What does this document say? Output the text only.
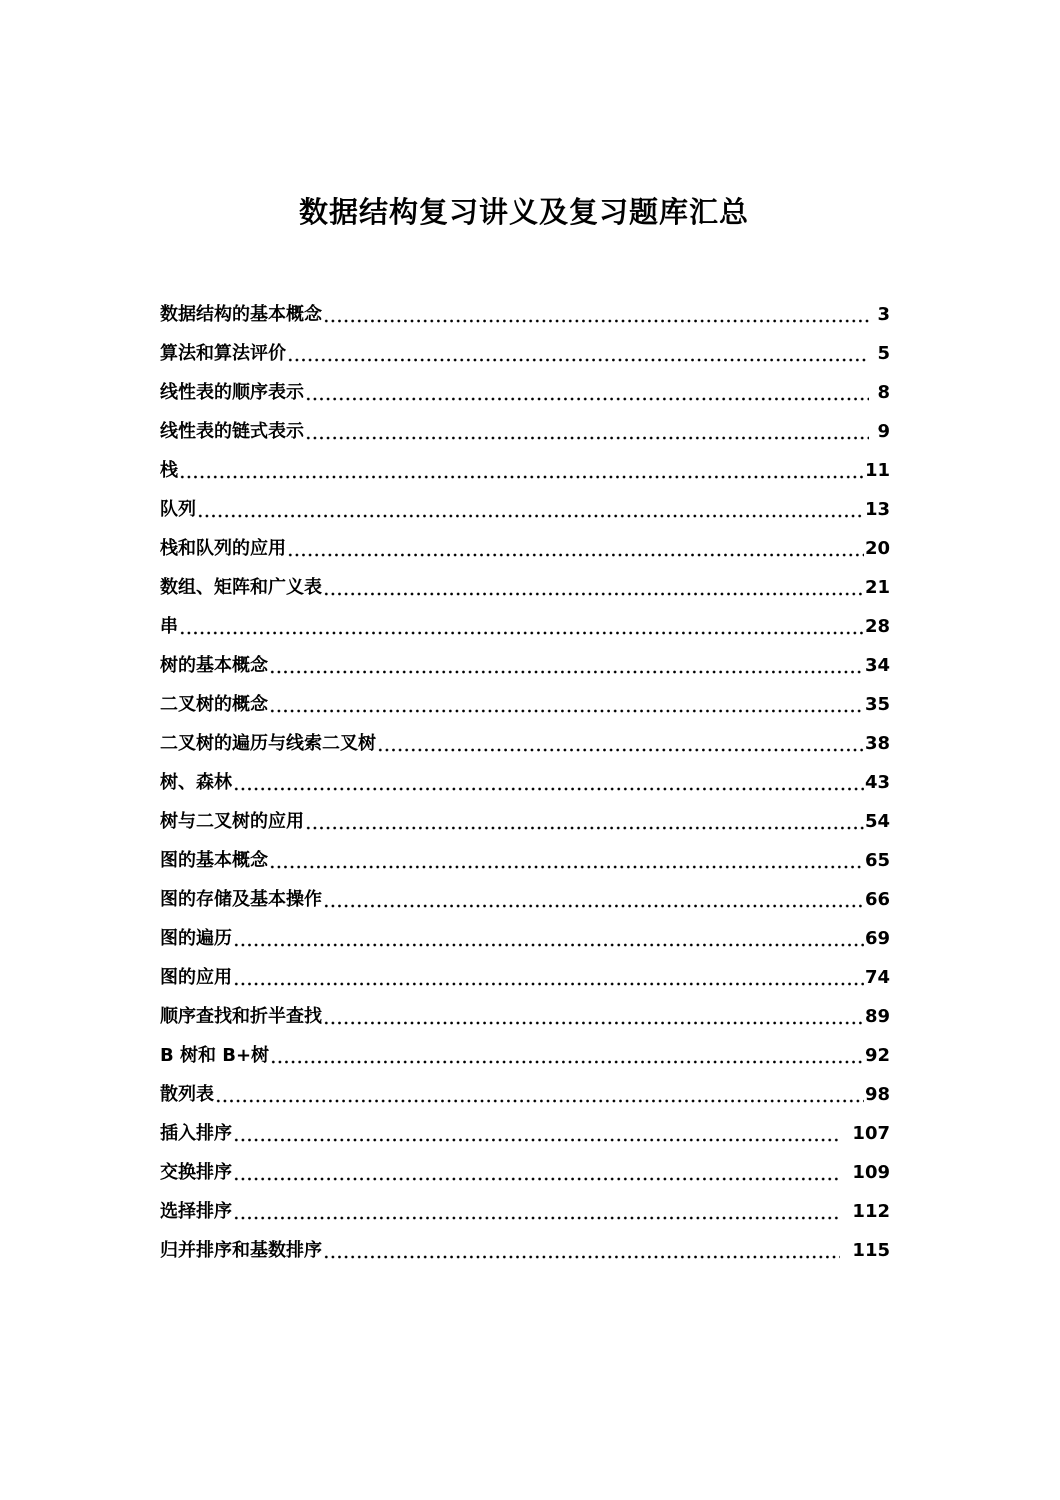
数据结构复习讲义及复习题库汇总
数据结构的基本概念	3
算法和算法评价	5
线性表的顺序表示	8
线性表的链式表示	9
栈	11
队列	13
栈和队列的应用	20
数组、矩阵和广义表	21
串	28
树的基本概念	34
二叉树的概念	35
二叉树的遍历与线索二叉树	38
树、森林	43
树与二叉树的应用	54
图的基本概念	65
图的存储及基本操作	66
图的遍历	69
图的应用	74
顺序查找和折半查找	89
B 树和 B+树	92
散列表	98
插入排序	107
交换排序	109
选择排序	112
归并排序和基数排序	115
